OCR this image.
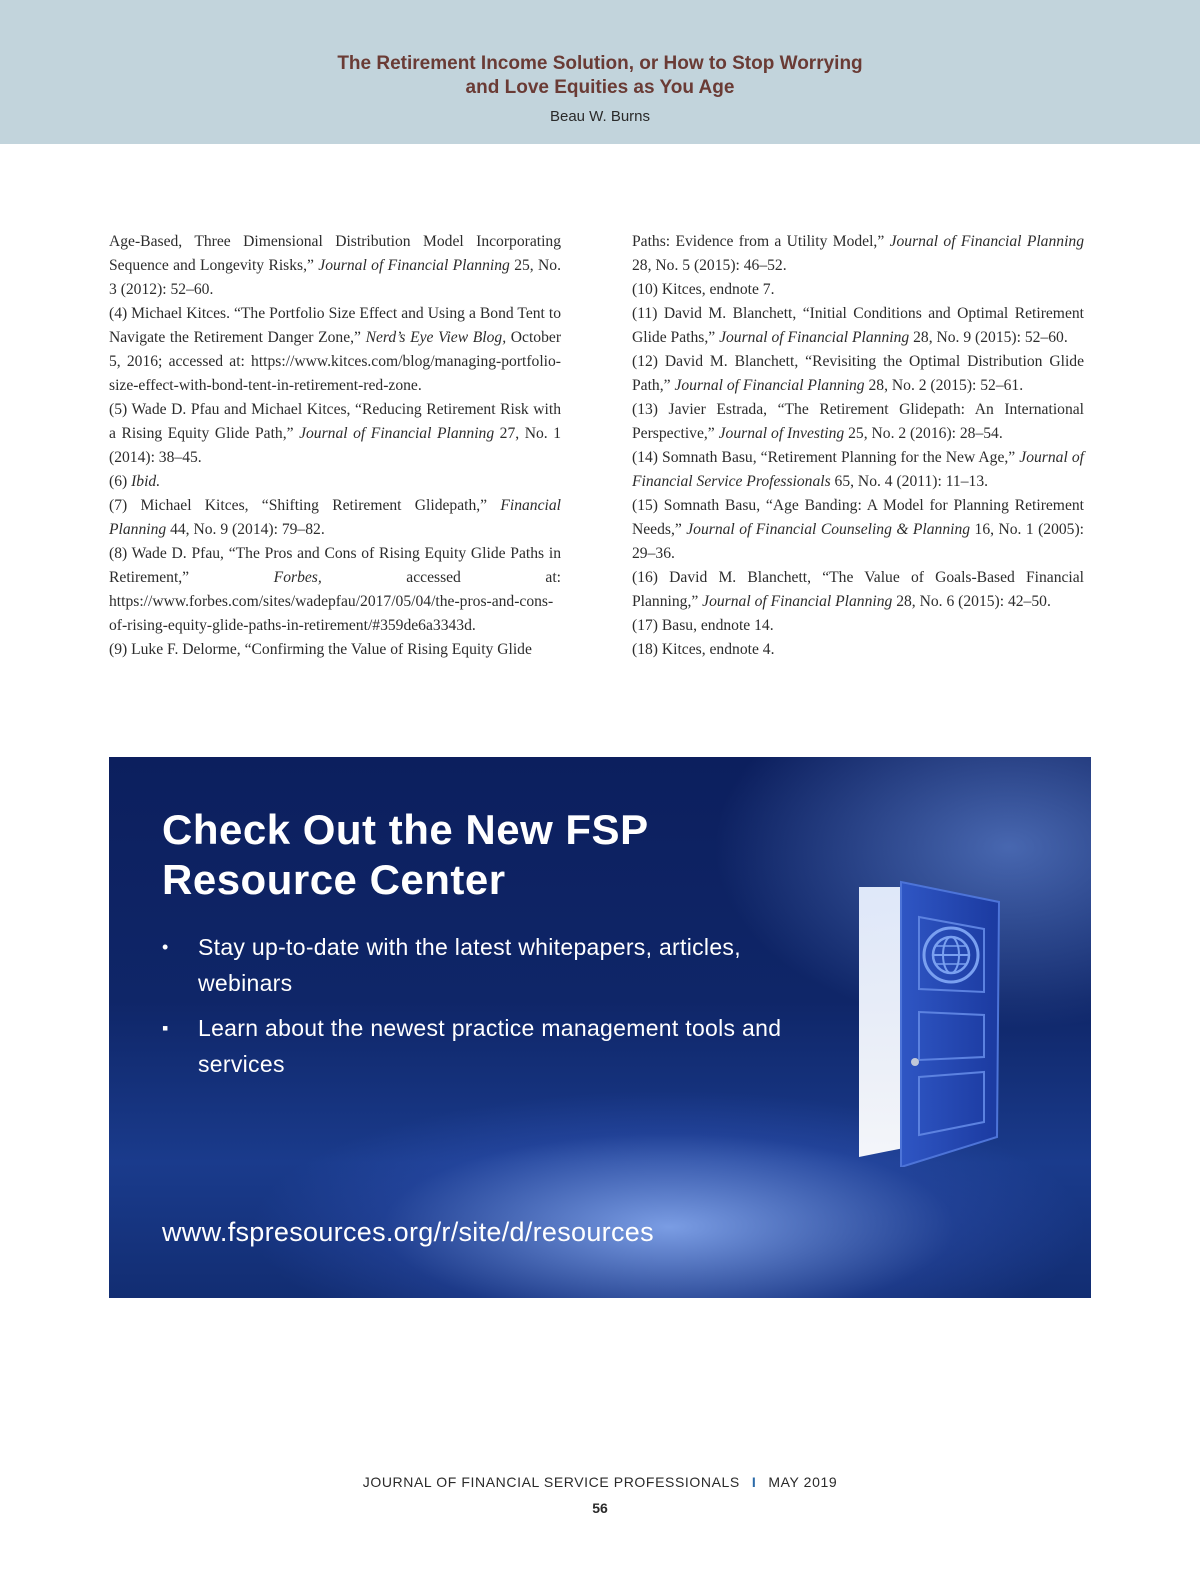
The Retirement Income Solution, or How to Stop Worrying
and Love Equities as You Age
Beau W. Burns
Age-Based, Three Dimensional Distribution Model Incorporating Sequence and Longevity Risks,” Journal of Financial Planning 25, No. 3 (2012): 52–60.
(4) Michael Kitces. “The Portfolio Size Effect and Using a Bond Tent to Navigate the Retirement Danger Zone,” Nerd’s Eye View Blog, October 5, 2016; accessed at: https://www.kitces.com/blog/managing-portfolio-size-effect-with-bond-tent-in-retirement-red-zone.
(5) Wade D. Pfau and Michael Kitces, “Reducing Retirement Risk with a Rising Equity Glide Path,” Journal of Financial Planning 27, No. 1 (2014): 38–45.
(6) Ibid.
(7) Michael Kitces, “Shifting Retirement Glidepath,” Financial Planning 44, No. 9 (2014): 79–82.
(8) Wade D. Pfau, “The Pros and Cons of Rising Equity Glide Paths in Retirement,” Forbes, accessed at: https://www.forbes.com/sites/wadepfau/2017/05/04/the-pros-and-cons-of-rising-equity-glide-paths-in-retirement/#359de6a3343d.
(9) Luke F. Delorme, “Confirming the Value of Rising Equity Glide
Paths: Evidence from a Utility Model,” Journal of Financial Planning 28, No. 5 (2015): 46–52.
(10) Kitces, endnote 7.
(11) David M. Blanchett, “Initial Conditions and Optimal Retirement Glide Paths,” Journal of Financial Planning 28, No. 9 (2015): 52–60.
(12) David M. Blanchett, “Revisiting the Optimal Distribution Glide Path,” Journal of Financial Planning 28, No. 2 (2015): 52–61.
(13) Javier Estrada, “The Retirement Glidepath: An International Perspective,” Journal of Investing 25, No. 2 (2016): 28–54.
(14) Somnath Basu, “Retirement Planning for the New Age,” Journal of Financial Service Professionals 65, No. 4 (2011): 11–13.
(15) Somnath Basu, “Age Banding: A Model for Planning Retirement Needs,” Journal of Financial Counseling & Planning 16, No. 1 (2005): 29–36.
(16) David M. Blanchett, “The Value of Goals-Based Financial Planning,” Journal of Financial Planning 28, No. 6 (2015): 42–50.
(17) Basu, endnote 14.
(18) Kitces, endnote 4.
Check Out the New FSP
Resource Center
• Stay up-to-date with the latest whitepapers, articles, webinars
▪ Learn about the newest practice management tools and services
www.fspresources.org/r/site/d/resources
JOURNAL OF FINANCIAL SERVICE PROFESSIONALS I MAY 2019
56
